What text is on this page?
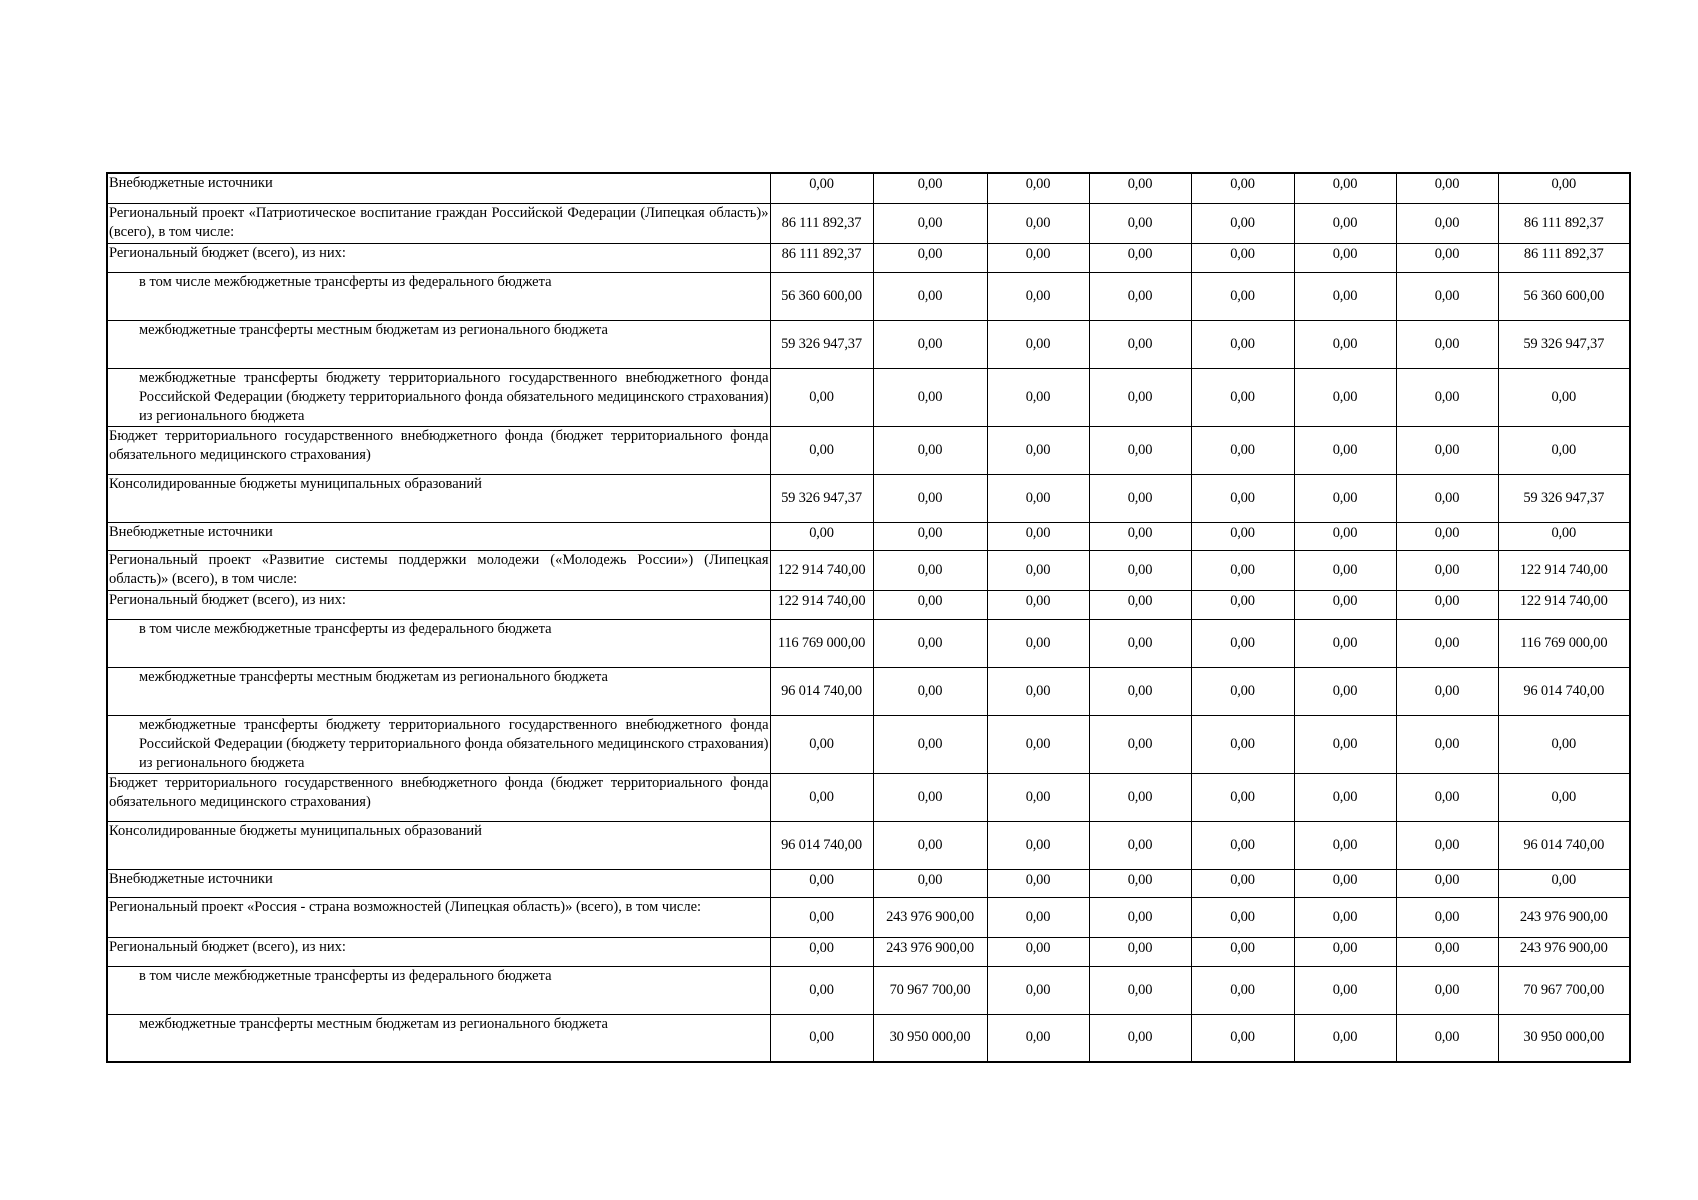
Внебюджетные источники	0,00	0,00	0,00	0,00	0,00	0,00	0,00	0,00
Региональный проект «Патриотическое воспитание граждан Российской Федерации (Липецкая область)» (всего), в том числе:	86 111 892,37	0,00	0,00	0,00	0,00	0,00	0,00	86 111 892,37
Региональный бюджет (всего), из них:	86 111 892,37	0,00	0,00	0,00	0,00	0,00	0,00	86 111 892,37
в том числе межбюджетные трансферты из федерального бюджета	56 360 600,00	0,00	0,00	0,00	0,00	0,00	0,00	56 360 600,00
межбюджетные трансферты местным бюджетам из регионального бюджета	59 326 947,37	0,00	0,00	0,00	0,00	0,00	0,00	59 326 947,37
межбюджетные трансферты бюджету территориального государственного внебюджетного фонда Российской Федерации (бюджету территориального фонда обязательного медицинского страхования) из регионального бюджета	0,00	0,00	0,00	0,00	0,00	0,00	0,00	0,00
Бюджет территориального государственного внебюджетного фонда (бюджет территориального фонда обязательного медицинского страхования)	0,00	0,00	0,00	0,00	0,00	0,00	0,00	0,00
Консолидированные бюджеты муниципальных образований	59 326 947,37	0,00	0,00	0,00	0,00	0,00	0,00	59 326 947,37
Внебюджетные источники	0,00	0,00	0,00	0,00	0,00	0,00	0,00	0,00
Региональный проект «Развитие системы поддержки молодежи («Молодежь России») (Липецкая область)» (всего), в том числе:	122 914 740,00	0,00	0,00	0,00	0,00	0,00	0,00	122 914 740,00
Региональный бюджет (всего), из них:	122 914 740,00	0,00	0,00	0,00	0,00	0,00	0,00	122 914 740,00
в том числе межбюджетные трансферты из федерального бюджета	116 769 000,00	0,00	0,00	0,00	0,00	0,00	0,00	116 769 000,00
межбюджетные трансферты местным бюджетам из регионального бюджета	96 014 740,00	0,00	0,00	0,00	0,00	0,00	0,00	96 014 740,00
межбюджетные трансферты бюджету территориального государственного внебюджетного фонда Российской Федерации (бюджету территориального фонда обязательного медицинского страхования) из регионального бюджета	0,00	0,00	0,00	0,00	0,00	0,00	0,00	0,00
Бюджет территориального государственного внебюджетного фонда (бюджет территориального фонда обязательного медицинского страхования)	0,00	0,00	0,00	0,00	0,00	0,00	0,00	0,00
Консолидированные бюджеты муниципальных образований	96 014 740,00	0,00	0,00	0,00	0,00	0,00	0,00	96 014 740,00
Внебюджетные источники	0,00	0,00	0,00	0,00	0,00	0,00	0,00	0,00
Региональный проект «Россия - страна возможностей (Липецкая область)» (всего), в том числе:	0,00	243 976 900,00	0,00	0,00	0,00	0,00	0,00	243 976 900,00
Региональный бюджет (всего), из них:	0,00	243 976 900,00	0,00	0,00	0,00	0,00	0,00	243 976 900,00
в том числе межбюджетные трансферты из федерального бюджета	0,00	70 967 700,00	0,00	0,00	0,00	0,00	0,00	70 967 700,00
межбюджетные трансферты местным бюджетам из регионального бюджета	0,00	30 950 000,00	0,00	0,00	0,00	0,00	0,00	30 950 000,00
